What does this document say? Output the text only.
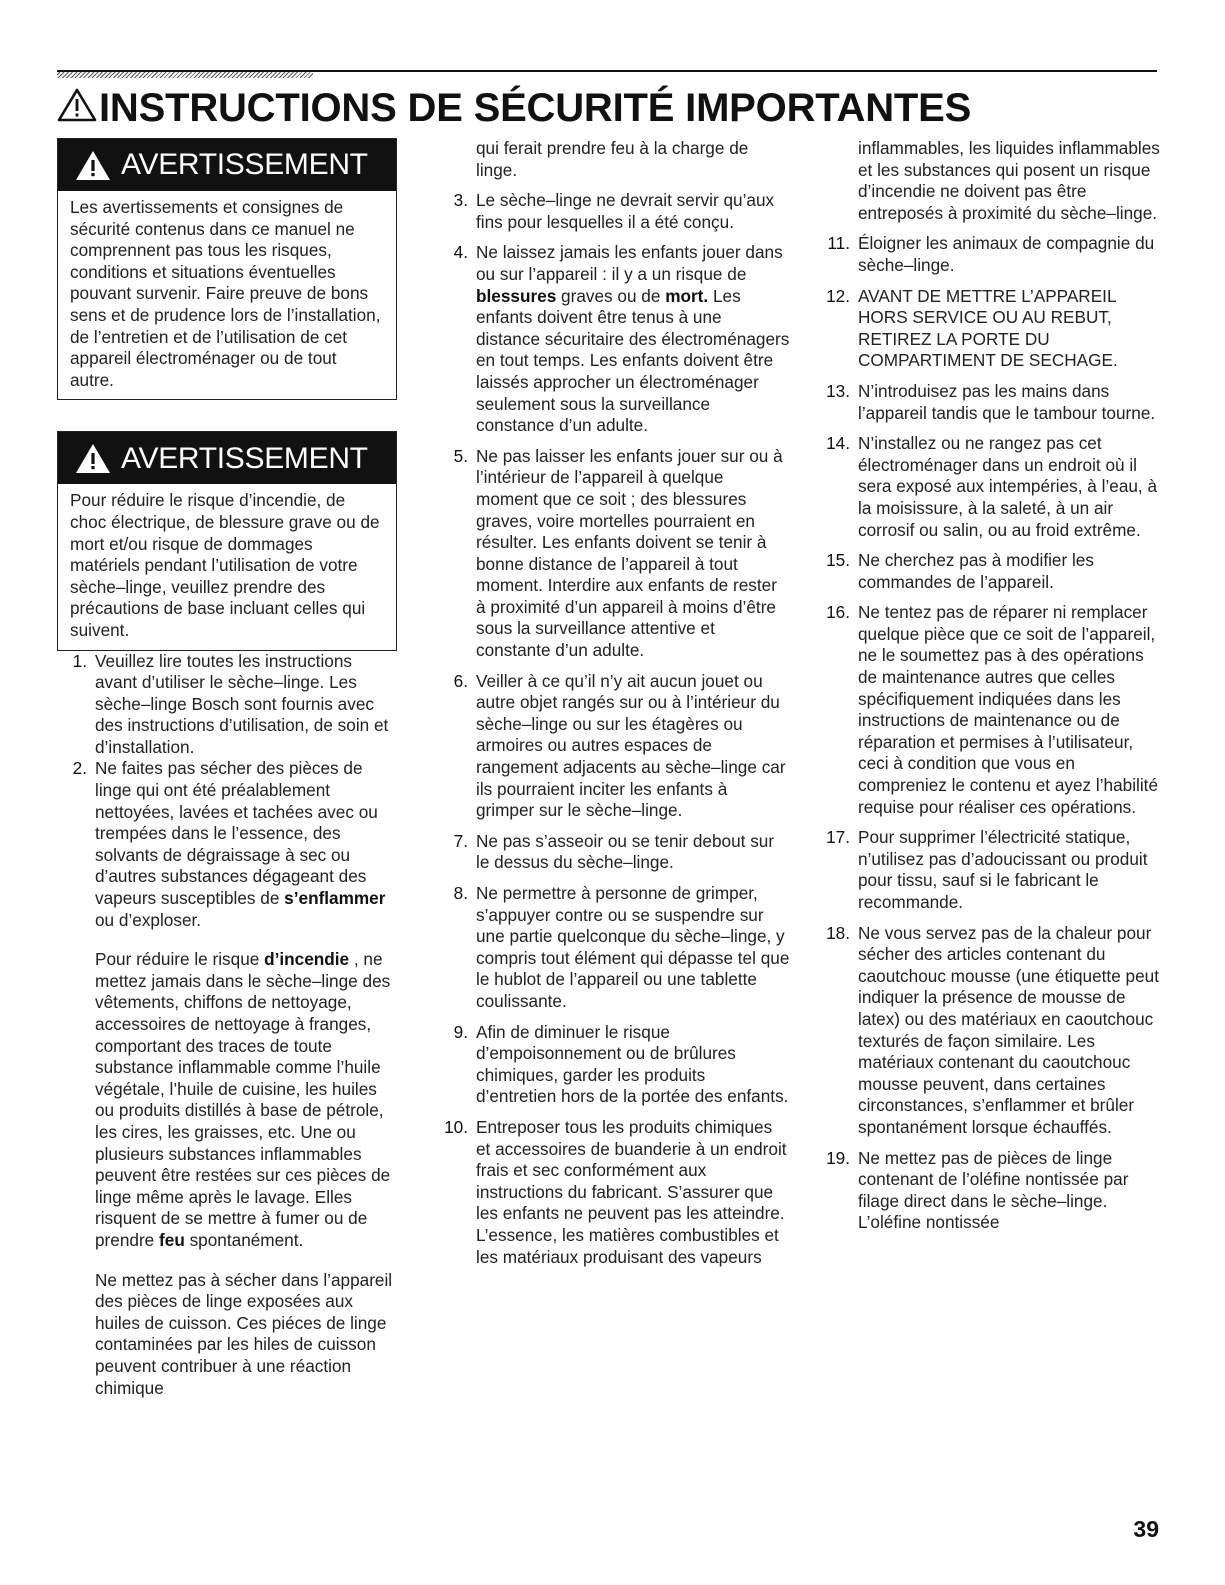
INSTRUCTIONS DE SÉCURITÉ IMPORTANTES
AVERTISSEMENT
Les avertissements et consignes de sécurité contenus dans ce manuel ne comprennent pas tous les risques, conditions et situations éventuelles pouvant survenir. Faire preuve de bons sens et de prudence lors de l’installation, de l’entretien et de l’utilisation de cet appareil électroménager ou de tout autre.
AVERTISSEMENT
Pour réduire le risque d’incendie, de choc électrique, de blessure grave ou de mort et/ou risque de dommages matériels pendant l’utilisation de votre sèche–linge, veuillez prendre des précautions de base incluant celles qui suivent.
1. Veuillez lire toutes les instructions avant d’utiliser le sèche–linge. Les sèche–linge Bosch sont fournis avec des instructions d’utilisation, de soin et d’installation.
2. Ne faites pas sécher des pièces de linge qui ont été préalablement nettoyées, lavées et tachées avec ou trempées dans le l’essence, des solvants de dégraissage à sec ou d’autres substances dégageant des vapeurs susceptibles de s’enflammer ou d’exploser.
Pour réduire le risque d’incendie , ne mettez jamais dans le sèche–linge des vêtements, chiffons de nettoyage, accessoires de nettoyage à franges, comportant des traces de toute substance inflammable comme l’huile végétale, l’huile de cuisine, les huiles ou produits distillés à base de pétrole, les cires, les graisses, etc. Une ou plusieurs substances inflammables peuvent être restées sur ces pièces de linge même après le lavage. Elles risquent de se mettre à fumer ou de prendre feu spontanément.
Ne mettez pas à sécher dans l’appareil des pièces de linge exposées aux huiles de cuisson. Ces piéces de linge contaminées par les hiles de cuisson peuvent contribuer à une réaction chimique
qui ferait prendre feu à la charge de linge.
3. Le sèche–linge ne devrait servir qu’aux fins pour lesquelles il a été conçu.
4. Ne laissez jamais les enfants jouer dans ou sur l’appareil : il y a un risque de blessures graves ou de mort. Les enfants doivent être tenus à une distance sécuritaire des électroménagers en tout temps. Les enfants doivent être laissés approcher un électroménager seulement sous la surveillance constance d’un adulte.
5. Ne pas laisser les enfants jouer sur ou à l’intérieur de l’appareil à quelque moment que ce soit ; des blessures graves, voire mortelles pourraient en résulter. Les enfants doivent se tenir à bonne distance de l’appareil à tout moment. Interdire aux enfants de rester à proximité d’un appareil à moins d’être sous la surveillance attentive et constante d’un adulte.
6. Veiller à ce qu’il n’y ait aucun jouet ou autre objet rangés sur ou à l’intérieur du sèche–linge ou sur les étagères ou armoires ou autres espaces de rangement adjacents au sèche–linge car ils pourraient inciter les enfants à grimper sur le sèche–linge.
7. Ne pas s’asseoir ou se tenir debout sur le dessus du sèche–linge.
8. Ne permettre à personne de grimper, s’appuyer contre ou se suspendre sur une partie quelconque du sèche–linge, y compris tout élément qui dépasse tel que le hublot de l’appareil ou une tablette coulissante.
9. Afin de diminuer le risque d’empoisonnement ou de brûlures chimiques, garder les produits d’entretien hors de la portée des enfants.
10. Entreposer tous les produits chimiques et accessoires de buanderie à un endroit frais et sec conformément aux instructions du fabricant. S’assurer que les enfants ne peuvent pas les atteindre. L’essence, les matières combustibles et les matériaux produisant des vapeurs
inflammables, les liquides inflammables et les substances qui posent un risque d’incendie ne doivent pas être entreposés à proximité du sèche–linge.
11. Éloigner les animaux de compagnie du sèche–linge.
12. AVANT DE METTRE L’APPAREIL HORS SERVICE OU AU REBUT, RETIREZ LA PORTE DU COMPARTIMENT DE SECHAGE.
13. N’introduisez pas les mains dans l’appareil tandis que le tambour tourne.
14. N’installez ou ne rangez pas cet électroménager dans un endroit où il sera exposé aux intempéries, à l’eau, à la moisissure, à la saleté, à un air corrosif ou salin, ou au froid extrême.
15. Ne cherchez pas à modifier les commandes de l’appareil.
16. Ne tentez pas de réparer ni remplacer quelque pièce que ce soit de l’appareil, ne le soumettez pas à des opérations de maintenance autres que celles spécifiquement indiquées dans les instructions de maintenance ou de réparation et permises à l’utilisateur, ceci à condition que vous en compreniez le contenu et ayez l’habilité requise pour réaliser ces opérations.
17. Pour supprimer l’électricité statique, n’utilisez pas d’adoucissant ou produit pour tissu, sauf si le fabricant le recommande.
18. Ne vous servez pas de la chaleur pour sécher des articles contenant du caoutchouc mousse (une étiquette peut indiquer la présence de mousse de latex) ou des matériaux en caoutchouc texturés de façon similaire. Les matériaux contenant du caoutchouc mousse peuvent, dans certaines circonstances, s’enflammer et brûler spontanément lorsque échauffés.
19. Ne mettez pas de pièces de linge contenant de l’oléfine nontissée par filage direct dans le sèche–linge. L’oléfine nontissée
39
